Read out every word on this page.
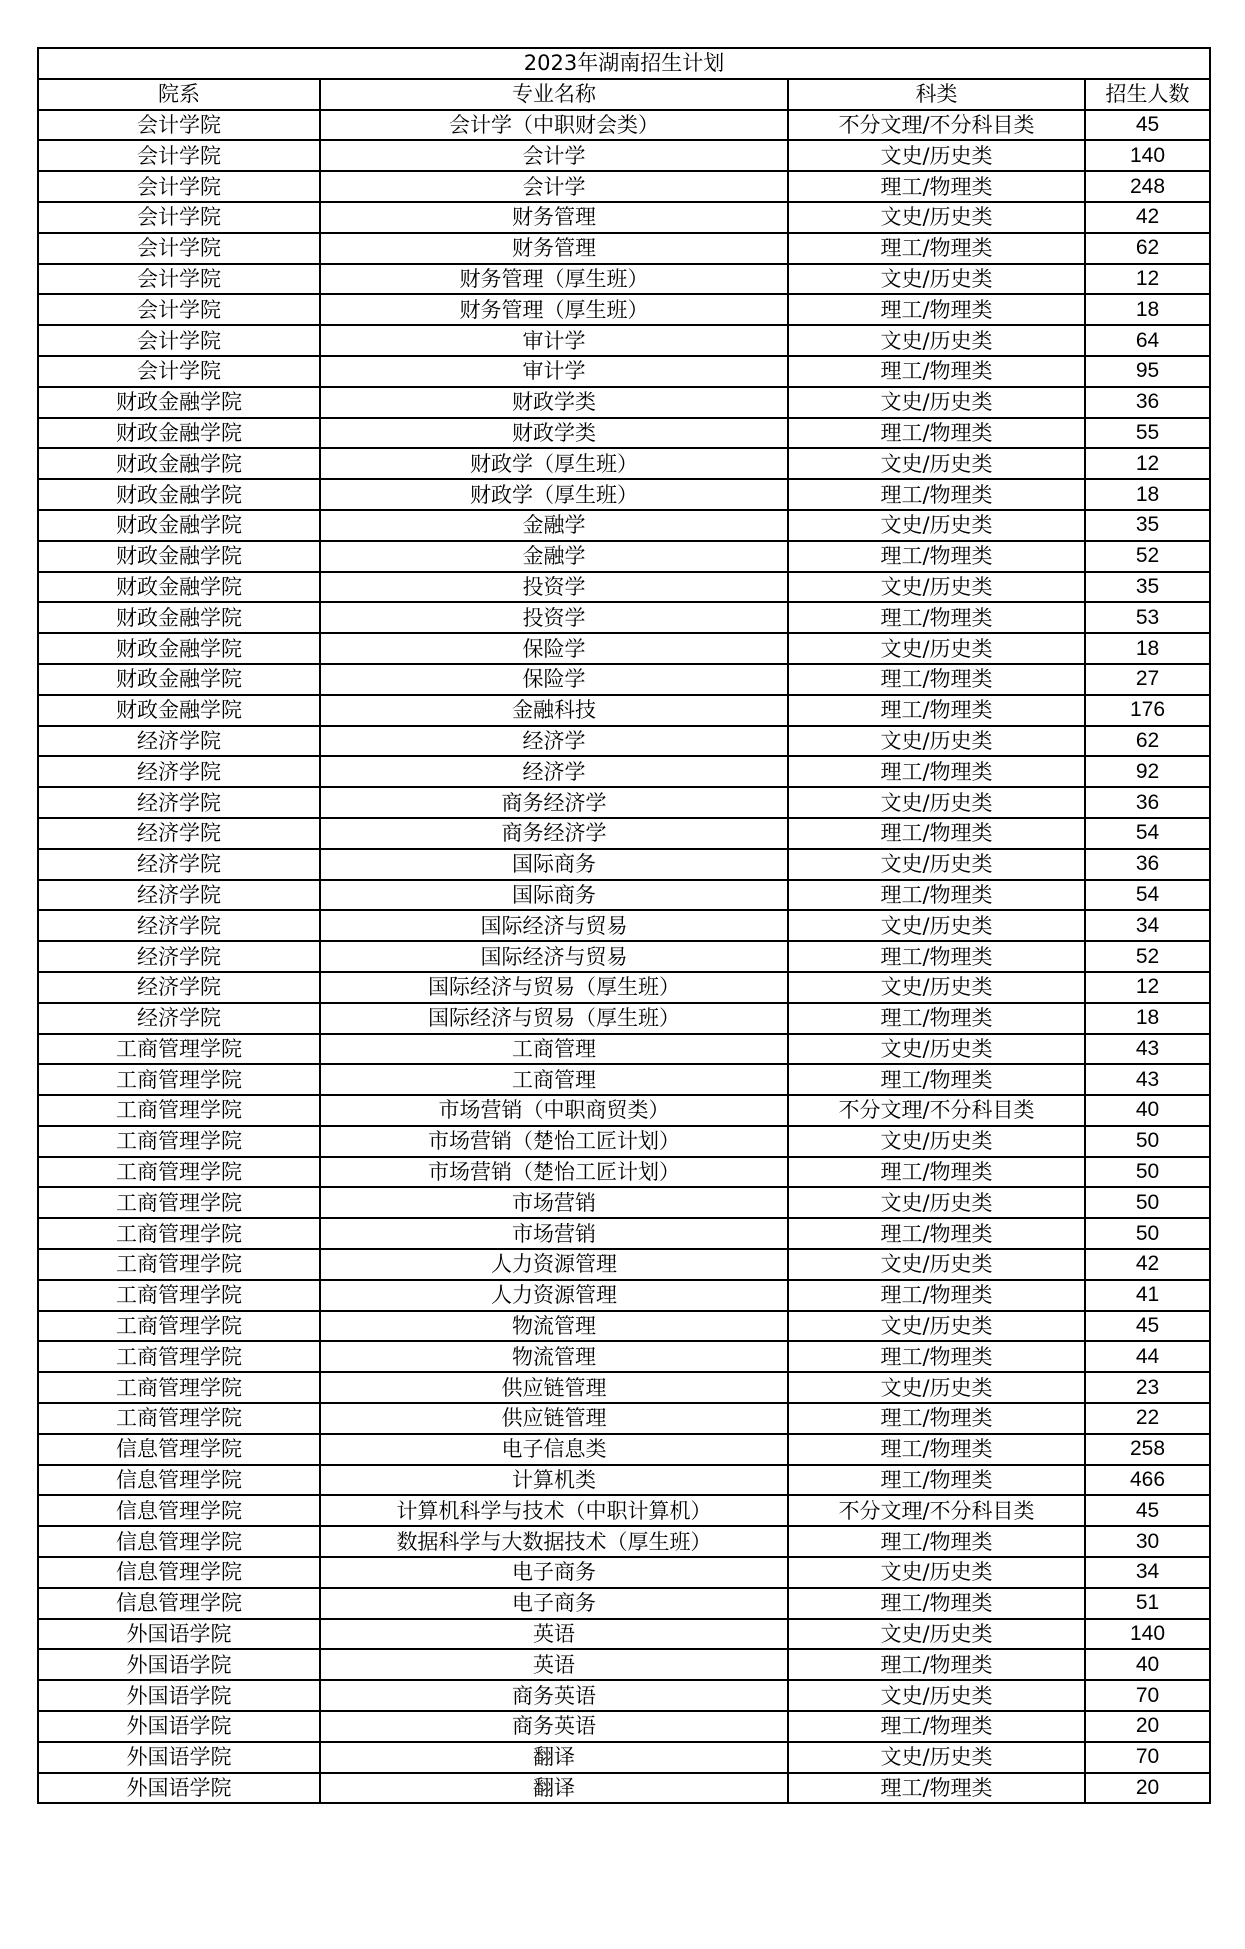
2023年湖南招生计划			
院系	专业名称	科类	招生人数
会计学院	会计学（中职财会类）	不分文理/不分科目类	45
会计学院	会计学	文史/历史类	140
会计学院	会计学	理工/物理类	248
会计学院	财务管理	文史/历史类	42
会计学院	财务管理	理工/物理类	62
会计学院	财务管理（厚生班）	文史/历史类	12
会计学院	财务管理（厚生班）	理工/物理类	18
会计学院	审计学	文史/历史类	64
会计学院	审计学	理工/物理类	95
财政金融学院	财政学类	文史/历史类	36
财政金融学院	财政学类	理工/物理类	55
财政金融学院	财政学（厚生班）	文史/历史类	12
财政金融学院	财政学（厚生班）	理工/物理类	18
财政金融学院	金融学	文史/历史类	35
财政金融学院	金融学	理工/物理类	52
财政金融学院	投资学	文史/历史类	35
财政金融学院	投资学	理工/物理类	53
财政金融学院	保险学	文史/历史类	18
财政金融学院	保险学	理工/物理类	27
财政金融学院	金融科技	理工/物理类	176
经济学院	经济学	文史/历史类	62
经济学院	经济学	理工/物理类	92
经济学院	商务经济学	文史/历史类	36
经济学院	商务经济学	理工/物理类	54
经济学院	国际商务	文史/历史类	36
经济学院	国际商务	理工/物理类	54
经济学院	国际经济与贸易	文史/历史类	34
经济学院	国际经济与贸易	理工/物理类	52
经济学院	国际经济与贸易（厚生班）	文史/历史类	12
经济学院	国际经济与贸易（厚生班）	理工/物理类	18
工商管理学院	工商管理	文史/历史类	43
工商管理学院	工商管理	理工/物理类	43
工商管理学院	市场营销（中职商贸类）	不分文理/不分科目类	40
工商管理学院	市场营销（楚怡工匠计划）	文史/历史类	50
工商管理学院	市场营销（楚怡工匠计划）	理工/物理类	50
工商管理学院	市场营销	文史/历史类	50
工商管理学院	市场营销	理工/物理类	50
工商管理学院	人力资源管理	文史/历史类	42
工商管理学院	人力资源管理	理工/物理类	41
工商管理学院	物流管理	文史/历史类	45
工商管理学院	物流管理	理工/物理类	44
工商管理学院	供应链管理	文史/历史类	23
工商管理学院	供应链管理	理工/物理类	22
信息管理学院	电子信息类	理工/物理类	258
信息管理学院	计算机类	理工/物理类	466
信息管理学院	计算机科学与技术（中职计算机）	不分文理/不分科目类	45
信息管理学院	数据科学与大数据技术（厚生班）	理工/物理类	30
信息管理学院	电子商务	文史/历史类	34
信息管理学院	电子商务	理工/物理类	51
外国语学院	英语	文史/历史类	140
外国语学院	英语	理工/物理类	40
外国语学院	商务英语	文史/历史类	70
外国语学院	商务英语	理工/物理类	20
外国语学院	翻译	文史/历史类	70
外国语学院	翻译	理工/物理类	20
